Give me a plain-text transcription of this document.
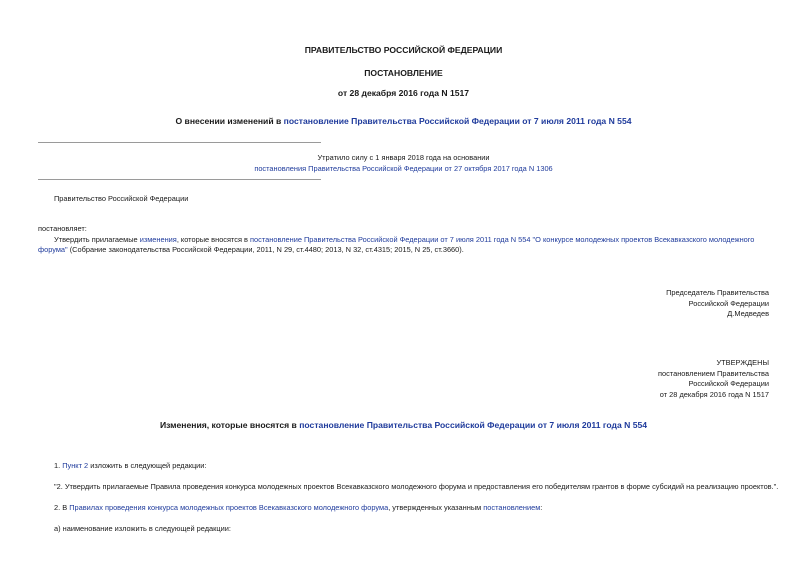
ПРАВИТЕЛЬСТВО РОССИЙСКОЙ ФЕДЕРАЦИИ
ПОСТАНОВЛЕНИЕ
от 28 декабря 2016 года N 1517
О внесении изменений в постановление Правительства Российской Федерации от 7 июля 2011 года N 554
Утратило силу с 1 января 2018 года на основании
постановления Правительства Российской Федерации от 27 октября 2017 года N 1306
Правительство Российской Федерации
постановляет:
Утвердить прилагаемые изменения, которые вносятся в постановление Правительства Российской Федерации от 7 июля 2011 года N 554 "О конкурсе молодежных проектов Всекавказского молодежного
форума" (Собрание законодательства Российской Федерации, 2011, N 29, ст.4480; 2013, N 32, ст.4315; 2015, N 25, ст.3660).
Председатель Правительства
Российской Федерации
Д.Медведев
УТВЕРЖДЕНЫ
постановлением Правительства
Российской Федерации
от 28 декабря 2016 года N 1517
Изменения, которые вносятся в постановление Правительства Российской Федерации от 7 июля 2011 года N 554
1. Пункт 2 изложить в следующей редакции:
"2. Утвердить прилагаемые Правила проведения конкурса молодежных проектов Всекавказского молодежного форума и предоставления его победителям грантов в форме субсидий на реализацию проектов.".
2. В Правилах проведения конкурса молодежных проектов Всекавказского молодежного форума, утвержденных указанным постановлением:
а) наименование изложить в следующей редакции:
